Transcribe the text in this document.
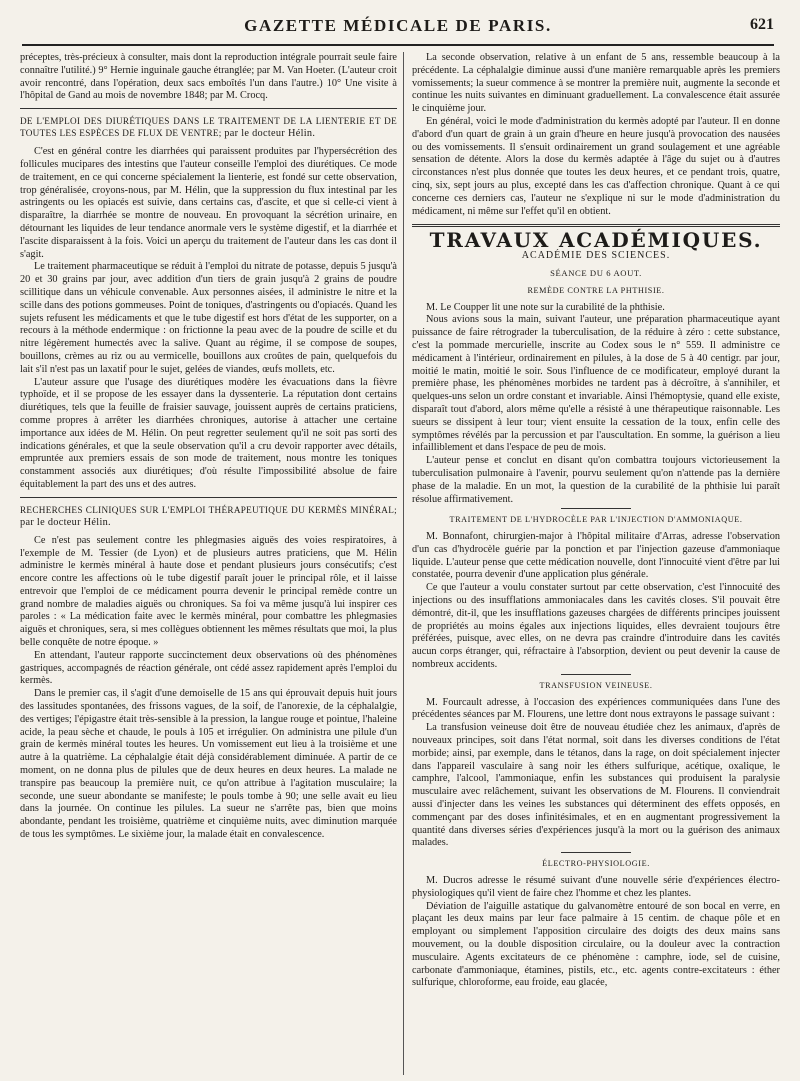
GAZETTE MÉDICALE DE PARIS.	621

préceptes, très-précieux à consulter, mais dont la reproduction intégrale pourrait seule faire connaître l'utilité.) 9° Hernie inguinale gauche étranglée; par M. Van Hoeter. (L'auteur croit avoir rencontré, dans l'opération, deux sacs emboîtés l'un dans l'autre.) 10° Une visite à l'hôpital de Gand au mois de novembre 1848; par M. Crocq.

DE L'EMPLOI DES DIURÉTIQUES DANS LE TRAITEMENT DE LA LIENTERIE ET DE TOUTES LES ESPÈCES DE FLUX DE VENTRE; par le docteur Hélin.

C'est en général contre les diarrhées qui paraissent produites par l'hypersécrétion des follicules mucipares des intestins que l'auteur conseille l'emploi des diurétiques. Ce mode de traitement, en ce qui concerne spécialement la lienterie, est fondé sur cette observation, trop généralisée, croyons-nous, par M. Hélin, que la suppression du flux intestinal par les astringents ou les opiacés est suivie, dans certains cas, d'ascite, et que si celle-ci vient à disparaître, la diarrhée se montre de nouveau. En provoquant la sécrétion urinaire, en détournant les liquides de leur tendance anormale vers le système digestif, et la diarrhée et l'ascite disparaissent à la fois. Voici un aperçu du traitement de l'auteur dans les cas dont il s'agit.

Le traitement pharmaceutique se réduit à l'emploi du nitrate de potasse, depuis 5 jusqu'à 20 et 30 grains par jour, avec addition d'un tiers de grain jusqu'à 2 grains de poudre scillitique dans un véhicule convenable. Aux personnes aisées, il administre le nitre et la scille dans des potions gommeuses. Point de toniques, d'astringents ou d'opiacés. Quand les sujets refusent les médicaments et que le tube digestif est hors d'état de les supporter, on a recours à la méthode endermique : on frictionne la peau avec de la poudre de scille et du nitre légèrement humectés avec la salive. Quant au régime, il se compose de soupes, bouillons, crèmes au riz ou au vermicelle, bouillons aux croûtes de pain, quelquefois du lait s'il n'est pas un laxatif pour le sujet, gelées de viandes, œufs mollets, etc.

L'auteur assure que l'usage des diurétiques modère les évacuations dans la fièvre typhoïde, et il se propose de les essayer dans la dyssenterie. La réputation dont certains diurétiques, tels que la feuille de fraisier sauvage, jouissent auprès de certains praticiens, comme propres à arrêter les diarrhées chroniques, autorise à attacher une certaine importance aux idées de M. Hélin. On peut regretter seulement qu'il ne soit pas sorti des indications générales, et que la seule observation qu'il a cru devoir rapporter avec détails, empruntée aux premiers essais de son mode de traitement, nous montre les toniques constamment associés aux diurétiques; d'où résulte l'impossibilité absolue de faire équitablement la part des uns et des autres.

RECHERCHES CLINIQUES SUR L'EMPLOI THÉRAPEUTIQUE DU KERMÈS MINÉRAL; par le docteur Hélin.

Ce n'est pas seulement contre les phlegmasies aiguës des voies respiratoires, à l'exemple de M. Tessier (de Lyon) et de plusieurs autres praticiens, que M. Hélin administre le kermès minéral à haute dose et pendant plusieurs jours consécutifs; c'est encore contre les affections où le tube digestif paraît jouer le principal rôle, et il laisse entrevoir que l'emploi de ce médicament pourra devenir le principal remède contre un grand nombre de maladies aiguës ou chroniques. Sa foi va même jusqu'à lui inspirer ces paroles : « La médication faite avec le kermès minéral, pour combattre les phlegmasies aiguës et chroniques, sera, si mes collègues obtiennent les mêmes résultats que moi, la plus belle conquête de notre époque. »

En attendant, l'auteur rapporte succinctement deux observations où des phénomènes gastriques, accompagnés de réaction générale, ont cédé assez rapidement après l'emploi du kermès.

Dans le premier cas, il s'agit d'une demoiselle de 15 ans qui éprouvait depuis huit jours des lassitudes spontanées, des frissons vagues, de la soif, de l'anorexie, de la céphalalgie, des vertiges; l'épigastre était très-sensible à la pression, la langue rouge et pointue, l'haleine acide, la peau sèche et chaude, le pouls à 105 et irrégulier. On administra une pilule d'un grain de kermès minéral toutes les heures. Un vomissement eut lieu à la troisième et une autre à la quatrième. La céphalalgie était déjà considérablement diminuée. A partir de ce moment, on ne donna plus de pilules que de deux heures en deux heures. La malade ne transpire pas beaucoup la première nuit, ce qu'on attribue à l'agitation musculaire; la seconde, une sueur abondante se manifeste; le pouls tombe à 90; une selle avait eu lieu dans la journée. On continue les pilules. La sueur ne s'arrête pas, bien que moins abondante, pendant les troisième, quatrième et cinquième nuits, avec diminution marquée de tous les symptômes. Le sixième jour, la malade était en convalescence.

La seconde observation, relative à un enfant de 5 ans, ressemble beaucoup à la précédente. La céphalalgie diminue aussi d'une manière remarquable après les premiers vomissements; la sueur commence à se montrer la première nuit, augmente la seconde et continue les nuits suivantes en diminuant graduellement. La convalescence était assurée le cinquième jour.

En général, voici le mode d'administration du kermès adopté par l'auteur. Il en donne d'abord d'un quart de grain à un grain d'heure en heure jusqu'à provocation des nausées ou des vomissements. Il s'ensuit ordinairement un grand soulagement et une agréable sensation de détente. Alors la dose du kermès adaptée à l'âge du sujet ou à d'autres circonstances n'est plus donnée que toutes les deux heures, et ce pendant trois, quatre, cinq, six, sept jours au plus, excepté dans les cas d'affection chronique. Quant à ce qui concerne ces derniers cas, l'auteur ne s'explique ni sur le mode d'administration du médicament, ni même sur l'effet qu'il en obtient.

TRAVAUX ACADÉMIQUES.
ACADÉMIE DES SCIENCES.
SÉANCE DU 6 AOUT.
REMÈDE CONTRE LA PHTHISIE.

M. Le Coupper lit une note sur la curabilité de la phthisie.

Nous avions sous la main, suivant l'auteur, une préparation pharmaceutique ayant puissance de faire rétrograder la tuberculisation, de la réduire à zéro : cette substance, c'est la pommade mercurielle, inscrite au Codex sous le n° 559. Il administre ce médicament à l'intérieur, ordinairement en pilules, à la dose de 5 à 40 centigr. par jour, moitié le matin, moitié le soir. Sous l'influence de ce modificateur, employé durant la première phase, les phénomènes morbides ne tardent pas à décroître, à s'annihiler, et quelques-uns selon un ordre constant et invariable. Ainsi l'hémoptysie, quand elle existe, disparaît tout d'abord, alors même qu'elle a résisté à une thérapeutique raisonnable. Les sueurs se dissipent à leur tour; vient ensuite la cessation de la toux, enfin celle des symptômes révélés par la percussion et par l'auscultation. En somme, la guérison a lieu infailliblement et dans l'espace de peu de mois.

L'auteur pense et conclut en disant qu'on combattra toujours victorieusement la tuberculisation pulmonaire à l'avenir, pourvu seulement qu'on n'attende pas la dernière phase de la maladie. En un mot, la question de la curabilité de la phthisie lui paraît résolue affirmativement.

TRAITEMENT DE L'HYDROCÈLE PAR L'INJECTION D'AMMONIAQUE.

M. Bonnafont, chirurgien-major à l'hôpital militaire d'Arras, adresse l'observation d'un cas d'hydrocèle guérie par la ponction et par l'injection gazeuse d'ammoniaque liquide. L'auteur pense que cette médication nouvelle, dont l'innocuité vient d'être par lui constatée, pourra devenir d'une application plus générale.

Ce que l'auteur a voulu constater surtout par cette observation, c'est l'innocuité des injections ou des insufflations ammoniacales dans les cavités closes. S'il pouvait être démontré, dit-il, que les insufflations gazeuses chargées de différents principes jouissent de propriétés au moins égales aux injections liquides, elles devraient toujours être préférées, puisque, avec elles, on ne devra pas craindre d'introduire dans les cavités aucun corps étranger, qui, réfractaire à l'absorption, devient ou peut devenir la cause de nombreux accidents.

TRANSFUSION VEINEUSE.

M. Fourcault adresse, à l'occasion des expériences communiquées dans l'une des précédentes séances par M. Flourens, une lettre dont nous extrayons le passage suivant :

La transfusion veineuse doit être de nouveau étudiée chez les animaux, d'après de nouveaux principes, soit dans l'état normal, soit dans les diverses conditions de l'état morbide; ainsi, par exemple, dans le tétanos, dans la rage, on doit spécialement injecter dans l'appareil vasculaire à sang noir les éthers sulfurique, acétique, oxalique, le camphre, l'alcool, l'ammoniaque, enfin les substances qui produisent la paralysie musculaire avec relâchement, suivant les observations de M. Flourens. Il conviendrait aussi d'injecter dans les veines les substances qui déterminent des effets opposés, en commençant par des doses infinitésimales, et en en augmentant progressivement la quantité dans diverses séries d'expériences jusqu'à la mort ou la guérison des animaux malades.

ÉLECTRO-PHYSIOLOGIE.

M. Ducros adresse le résumé suivant d'une nouvelle série d'expériences électro-physiologiques qu'il vient de faire chez l'homme et chez les plantes.

Déviation de l'aiguille astatique du galvanomètre entouré de son bocal en verre, en plaçant les deux mains par leur face palmaire à 15 centim. de chaque pôle et en employant ou simplement l'apposition circulaire des doigts des deux mains sans mouvement, ou la double disposition circulaire, ou la douleur avec la contraction musculaire. Agents excitateurs de ce phénomène : camphre, iode, sel de cuisine, carbonate d'ammoniaque, étamines, pistils, etc., etc. agents contre-excitateurs : éther sulfurique, chloroforme, eau froide, eau glacée,
